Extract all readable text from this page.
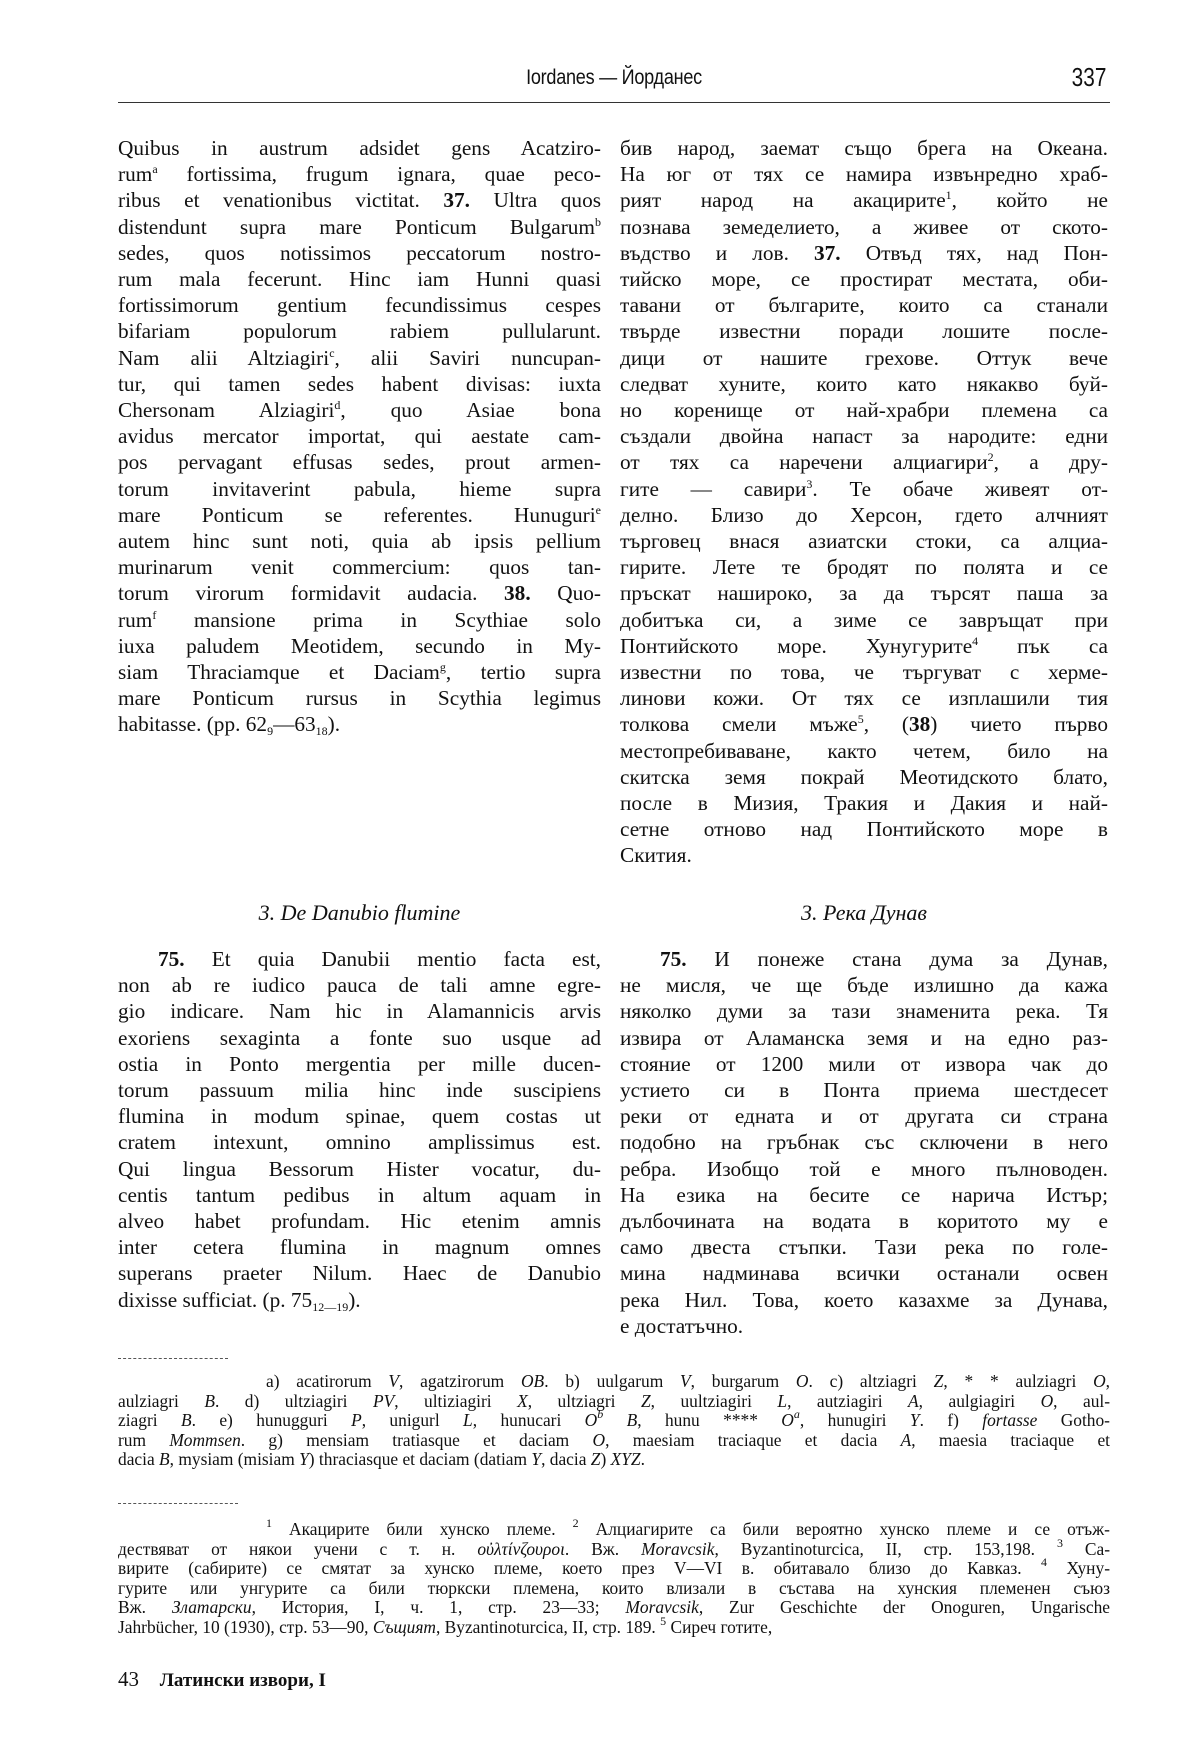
Iordanes — Йорданес	337
Quibus in austrum adsidet gens Acatziro-
rum$^a$ fortissima, frugum ignara, quae peco-
ribus et venationibus victitat. 37. Ultra quos
distendunt supra mare Ponticum Bulgarum$^b$
sedes, quos notissimos peccatorum nostro-
rum mala fecerunt. Hinc iam Hunni quasi
fortissimorum gentium fecundissimus cespes
bifariam populorum rabiem pullularunt.
Nam alii Altziagiri$^c$, alii Saviri nuncupan-
tur, qui tamen sedes habent divisas: iuxta
Chersonam Alziagiri$^d$, quo Asiae bona
avidus mercator importat, qui aestate cam-
pos pervagant effusas sedes, prout armen-
torum invitaverint pabula, hieme supra
mare Ponticum se referentes. Hunuguri$^e$
autem hinc sunt noti, quia ab ipsis pellium
murinarum venit commercium: quos tan-
torum virorum formidavit audacia. 38. Quo-
rum$^f$ mansione prima in Scythiae solo
iuxa paludem Meotidem, secundo in My-
siam Thraciamque et Daciam$^g$, tertio supra
mare Ponticum rursus in Scythia legimus
habitasse. (pp. $62_9—63_{18}$).
бив народ, заемат също брега на Океана.
На юг от тях се намира извънредно храб-
рият народ на акацирите$^1$, който не
познава земеделието, а живее от ското-
въдство и лов. 37. Отвъд тях, над Пон-
тийско море, се простират местата, оби-
тавани от българите, които са станали
твърде известни поради лошите после-
дици от нашите грехове. Оттук вече
следват хуните, които като някакво буй-
но коренище от най-храбри племена са
създали двойна напаст за народите: едни
от тях са наречени алциагири$^2$, а дру-
гите — савири$^3$. Те обаче живеят от-
делно. Близо до Херсон, гдето алчният
търговец внася азиатски стоки, са алциа-
гирите. Лете те бродят по полята и се
пръскат нашироко, за да търсят паша за
добитъка си, а зиме се завръщат при
Понтийското море. Хунугурите$^4$ пък са
известни по това, че търгуват с херме-
линови кожи. От тях се изплашили тия
толкова смели мъже$^5$, (38) чието първо
местопребиваване, както четем, било на
скитска земя покрай Меотидското блато,
после в Мизия, Тракия и Дакия и най-
сетне отново над Понтийското море в
Скития.
3. De Danubio flumine	3. Река Дунав
75. Et quia Danubii mentio facta est,
non ab re iudico pauca de tali amne egre-
gio indicare. Nam hic in Alamannicis arvis
exoriens sexaginta a fonte suo usque ad
ostia in Ponto mergentia per mille ducen-
torum passuum milia hinc inde suscipiens
flumina in modum spinae, quem costas ut
cratem intexunt, omnino amplissimus est.
Qui lingua Bessorum Hister vocatur, du-
centis tantum pedibus in altum aquam in
alveo habet profundam. Hic etenim amnis
inter cetera flumina in magnum omnes
superans praeter Nilum. Haec de Danubio
dixisse sufficiat. (p. $75_{12—19}$).
75. И понеже стана дума за Дунав,
не мисля, че ще бъде излишно да кажа
няколко думи за тази знаменита река. Тя
извира от Аламанска земя и на едно раз-
стояние от 1200 мили от извора чак до
устието си в Понта приема шестдесет
реки от едната и от другата си страна
подобно на гръбнак със сключени в него
ребра. Изобщо той е много пълноводен.
На езика на бесите се нарича Истър;
дълбочината на водата в коритото му е
само двеста стъпки. Тази река по голе-
мина надминава всички останали освен
река Нил. Това, което казахме за Дунава,
е достатъчно.
a) acatirorum V, agatzirorum OB. b) uulgarum V, burgarum O. c) altziagri Z, * * aulziagri O,
aulziagri B. d) ultziagiri PV, ultiziagiri X, ultziagri Z, uultziagiri L, autziagiri A, aulgiagiri O, aul-
ziagri B. e) hunugguri P, unigurl L, hunucari $O^b$ B, hunu **** $O^a$, hunugiri Y. f) fortasse Gotho-
rum Mommsen. g) mensiam tratiasque et daciam O, maesiam traciaque et dacia A, maesia traciaque et
dacia B, mysiam (misiam Y) thraciasque et daciam (datiam Y, dacia Z) XYZ.
$^1$ Акацирите били хунско племе. $^2$ Алциагирите са били вероятно хунско племе и се отъж-
дествяват от някои учени с т. н. οὐλτίνζουροι. Вж. Moravcsik, Byzantinoturcica, II, стр. 153,198. $^3$ Са-
вирите (сабирите) се смятат за хунско племе, което през V—VI в. обитавало близо до Кавказ. $^4$ Хуну-
гурите или унгурите са били тюркски племена, които влизали в състава на хунския племенен съюз
Вж. Златарски, История, I, ч. 1, стр. 23—33; Moravcsik, Zur Geschichte der Onoguren, Ungarische
Jahrbücher, 10 (1930), стр. 53—90, Същият, Byzantinoturcica, II, стр. 189. $^5$ Сиреч готите,
43 Латински извори, I
